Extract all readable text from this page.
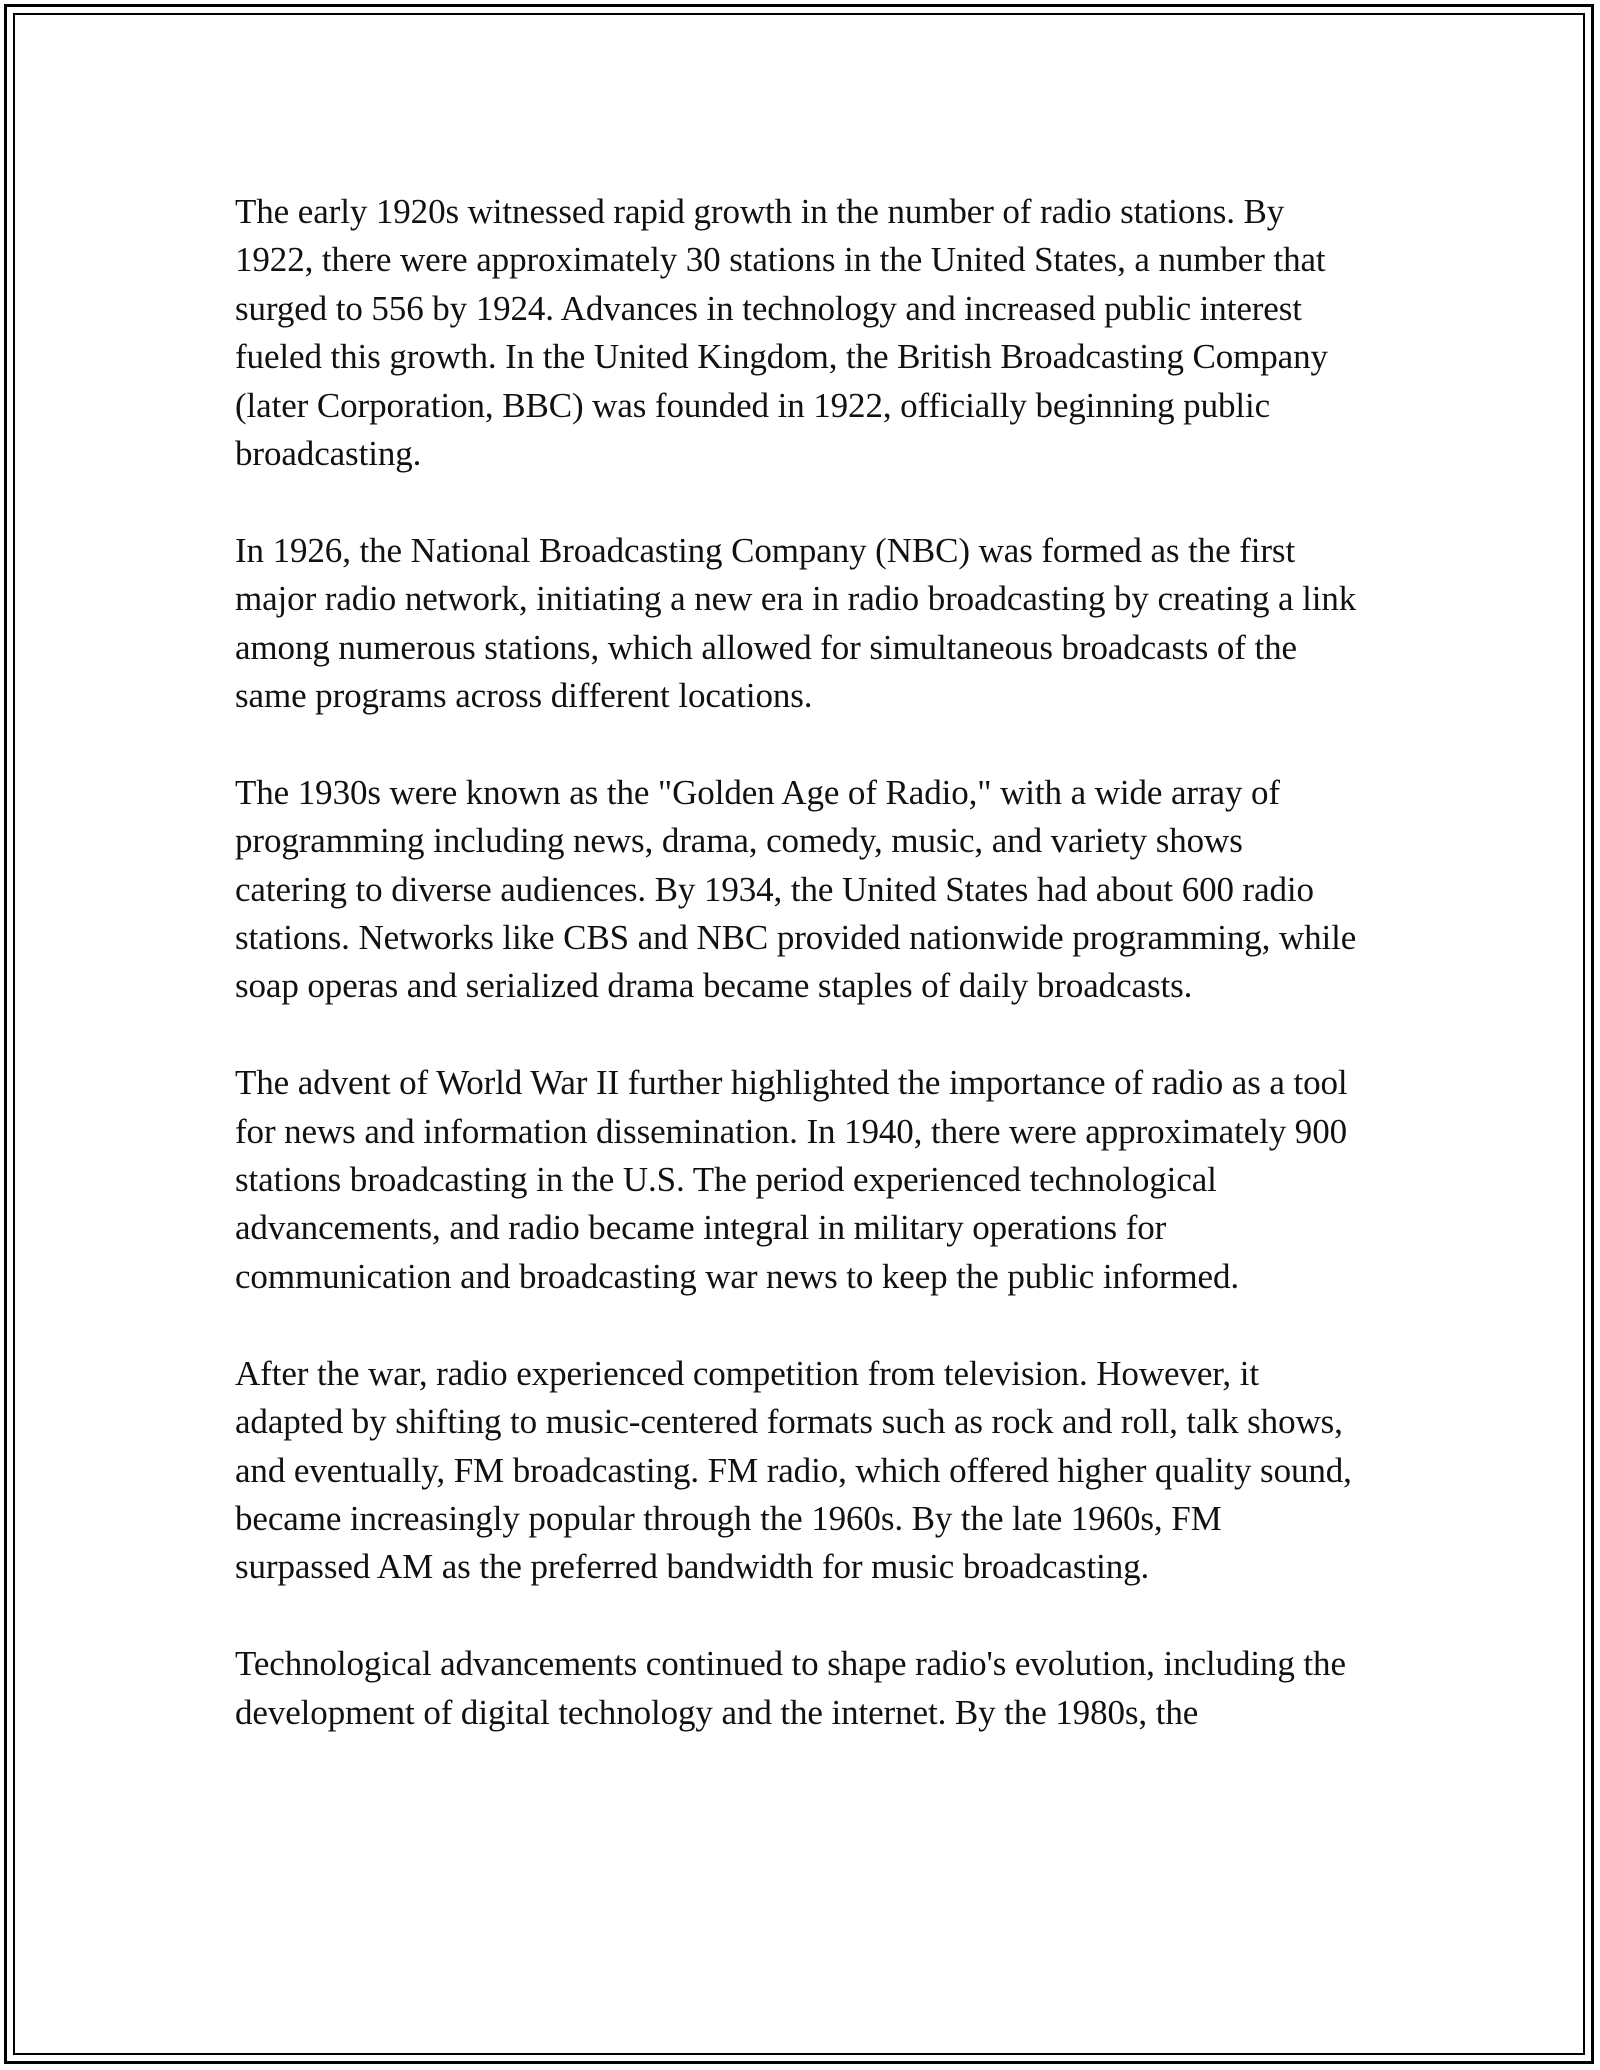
The early 1920s witnessed rapid growth in the number of radio stations. By 1922, there were approximately 30 stations in the United States, a number that surged to 556 by 1924. Advances in technology and increased public interest fueled this growth. In the United Kingdom, the British Broadcasting Company (later Corporation, BBC) was founded in 1922, officially beginning public broadcasting.

In 1926, the National Broadcasting Company (NBC) was formed as the first major radio network, initiating a new era in radio broadcasting by creating a link among numerous stations, which allowed for simultaneous broadcasts of the same programs across different locations.

The 1930s were known as the "Golden Age of Radio," with a wide array of programming including news, drama, comedy, music, and variety shows catering to diverse audiences. By 1934, the United States had about 600 radio stations. Networks like CBS and NBC provided nationwide programming, while soap operas and serialized drama became staples of daily broadcasts.

The advent of World War II further highlighted the importance of radio as a tool for news and information dissemination. In 1940, there were approximately 900 stations broadcasting in the U.S. The period experienced technological advancements, and radio became integral in military operations for communication and broadcasting war news to keep the public informed.

After the war, radio experienced competition from television. However, it adapted by shifting to music-centered formats such as rock and roll, talk shows, and eventually, FM broadcasting. FM radio, which offered higher quality sound, became increasingly popular through the 1960s. By the late 1960s, FM surpassed AM as the preferred bandwidth for music broadcasting.

Technological advancements continued to shape radio's evolution, including the development of digital technology and the internet. By the 1980s, the
